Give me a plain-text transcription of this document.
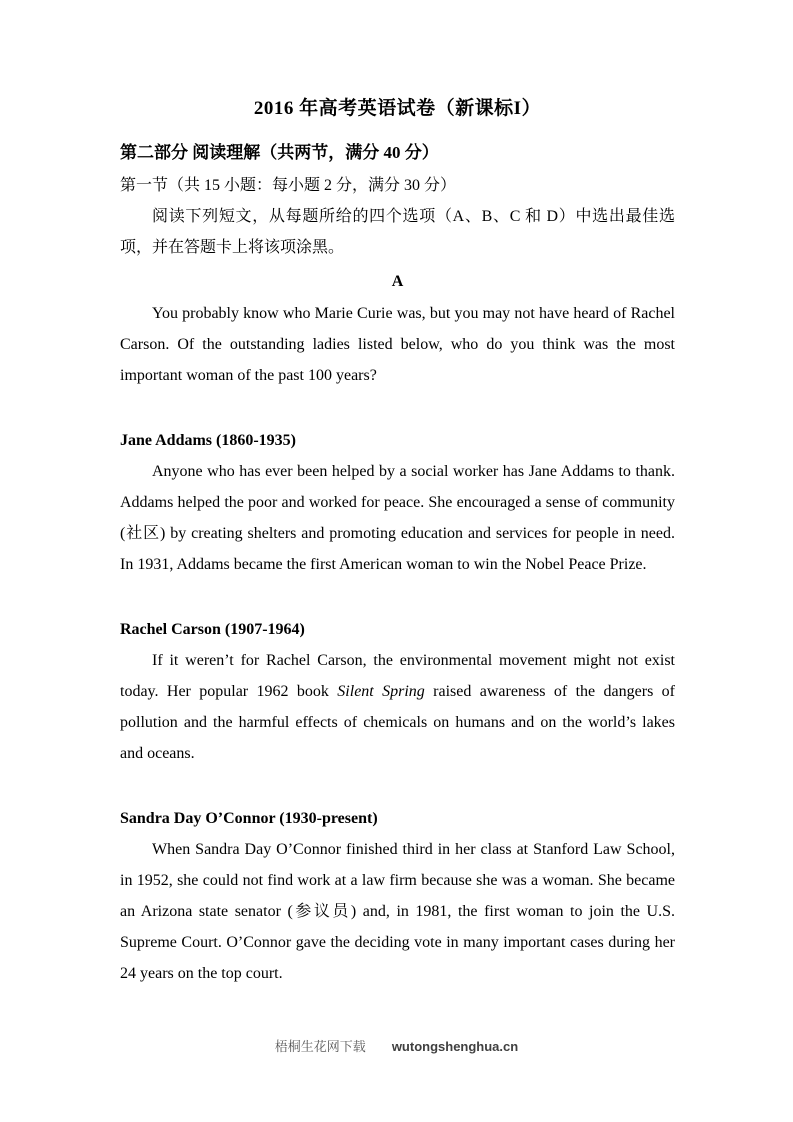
2016 年高考英语试卷（新课标I）
第二部分 阅读理解（共两节，满分 40 分）
第一节（共 15 小题：每小题 2 分，满分 30 分）

阅读下列短文，从每题所给的四个选项（A、B、C 和 D）中选出最佳选项，并在答题卡上将该项涂黑。

A

You probably know who Marie Curie was, but you may not have heard of Rachel Carson. Of the outstanding ladies listed below, who do you think was the most important woman of the past 100 years?

Jane Addams (1860-1935)

Anyone who has ever been helped by a social worker has Jane Addams to thank. Addams helped the poor and worked for peace. She encouraged a sense of community (社区) by creating shelters and promoting education and services for people in need. In 1931, Addams became the first American woman to win the Nobel Peace Prize.

Rachel Carson (1907-1964)

If it weren’t for Rachel Carson, the environmental movement might not exist today. Her popular 1962 book Silent Spring raised awareness of the dangers of pollution and the harmful effects of chemicals on humans and on the world’s lakes and oceans.

Sandra Day O’Connor (1930-present)

When Sandra Day O’Connor finished third in her class at Stanford Law School, in 1952, she could not find work at a law firm because she was a woman. She became an Arizona state senator (参议员) and, in 1981, the first woman to join the U.S. Supreme Court. O’Connor gave the deciding vote in many important cases during her 24 years on the top court.

梧桐生花网下载 wutongshenghua.cn
